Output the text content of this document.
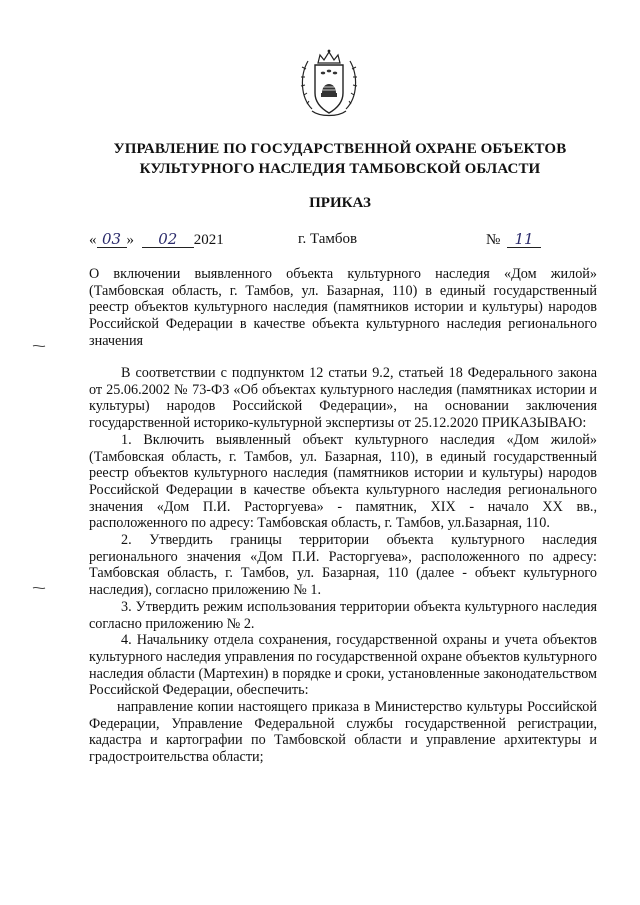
УПРАВЛЕНИЕ ПО ГОСУДАРСТВЕННОЙ ОХРАНЕ ОБЪЕКТОВ
КУЛЬТУРНОГО НАСЛЕДИЯ ТАМБОВСКОЙ ОБЛАСТИ
ПРИКАЗ
« 03 » 02 2021	г. Тамбов	№ 11

О включении выявленного объекта культурного наследия «Дом жилой» (Тамбовская область, г. Тамбов, ул. Базарная, 110) в единый государственный реестр объектов культурного наследия (памятников истории и культуры) народов Российской Федерации в качестве объекта культурного наследия регионального значения

В соответствии с подпунктом 12 статьи 9.2, статьей 18 Федерального закона от 25.06.2002 № 73-ФЗ «Об объектах культурного наследия (памятниках истории и культуры) народов Российской Федерации», на основании заключения государственной историко-культурной экспертизы от 25.12.2020 ПРИКАЗЫВАЮ:

1. Включить выявленный объект культурного наследия «Дом жилой» (Тамбовская область, г. Тамбов, ул. Базарная, 110), в единый государственный реестр объектов культурного наследия (памятников истории и культуры) народов Российской Федерации в качестве объекта культурного наследия регионального значения «Дом П.И. Расторгуева» - памятник, XIX - начало XX вв., расположенного по адресу: Тамбовская область, г. Тамбов, ул.Базарная, 110.

2. Утвердить границы территории объекта культурного наследия регионального значения «Дом П.И. Расторгуева», расположенного по адресу: Тамбовская область, г. Тамбов, ул. Базарная, 110 (далее - объект культурного наследия), согласно приложению № 1.

3. Утвердить режим использования территории объекта культурного наследия согласно приложению № 2.

4. Начальнику отдела сохранения, государственной охраны и учета объектов культурного наследия управления по государственной охране объектов культурного наследия области (Мартехин) в порядке и сроки, установленные законодательством Российской Федерации, обеспечить:

направление копии настоящего приказа в Министерство культуры Российской Федерации, Управление Федеральной службы государственной регистрации, кадастра и картографии по Тамбовской области и управление архитектуры и градостроительства области;
